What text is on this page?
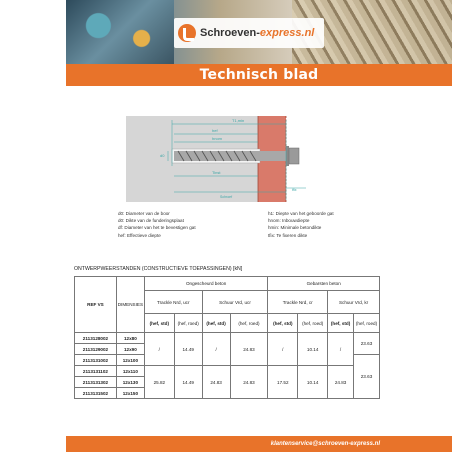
Schroeven-express.nl
Technisch blad
T1,min
hef
hnom
d0
Tinst
Schroef
tfix
d0: Diameter van de boor
d0: Dikte van de funderingsplaat
df: Diameter van het te bevestigen gat
hef: Effectieve diepte
h1: Diepte van het geboorde gat
hnom: Inbouwdiepte
hmin: Minimale betondikte
tfix: Te fixeren dikte
ONTWERPWEERSTANDEN (CONSTRUCTIEVE TOEPASSINGEN) [kN]
REF VS	DIMENSIES	Ongescheurd beton				Gebarsten beton			
		Trackle Nrd, ucr		Schuur Vrd, ucr		Trackle Nrd, cr		Schuur Vrd, kr	
		(hef, std)	(hef, roed)	(hef, std)	(hef, roed)	(hef, std)	(hef, roed)	(hef, std)	(hef, roed)
2113128002	12x80	/	14.49	/	24.83	/	10.14	/	23.63
2113129002	12x90								
2113131002	12x100								23.63
2113131102	12x110	25.82	14.49	24.83	24.83	17.52	10.14	24.83	
2113131302	12x130								
2113131502	12x150								
klantenservice@schroeven-express.nl
